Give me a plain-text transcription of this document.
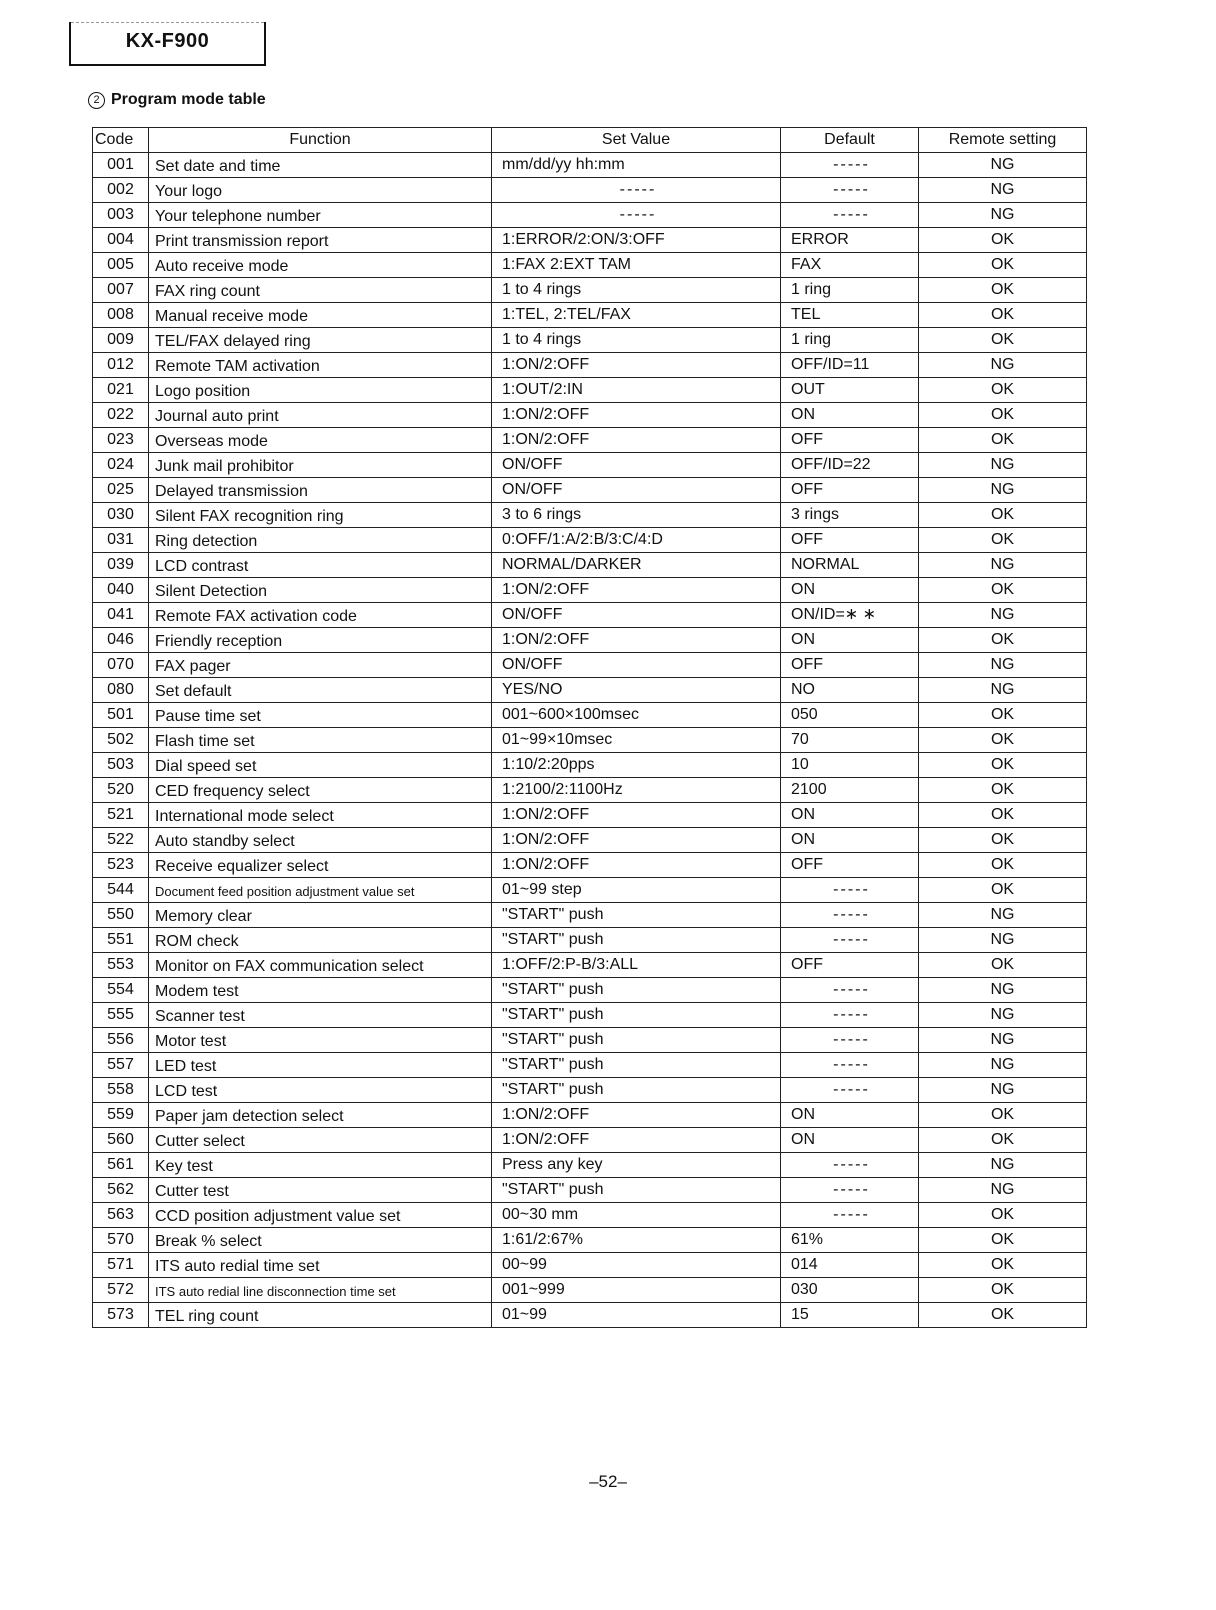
KX-F900
2 Program mode table
Code	Function	Set Value	Default	Remote setting
001	Set date and time	mm/dd/yy hh:mm	-----	NG
002	Your logo	-----	-----	NG
003	Your telephone number	-----	-----	NG
004	Print transmission report	1:ERROR/2:ON/3:OFF	ERROR	OK
005	Auto receive mode	1:FAX 2:EXT TAM	FAX	OK
007	FAX ring count	1 to 4 rings	1 ring	OK
008	Manual receive mode	1:TEL, 2:TEL/FAX	TEL	OK
009	TEL/FAX delayed ring	1 to 4 rings	1 ring	OK
012	Remote TAM activation	1:ON/2:OFF	OFF/ID=11	NG
021	Logo position	1:OUT/2:IN	OUT	OK
022	Journal auto print	1:ON/2:OFF	ON	OK
023	Overseas mode	1:ON/2:OFF	OFF	OK
024	Junk mail prohibitor	ON/OFF	OFF/ID=22	NG
025	Delayed transmission	ON/OFF	OFF	NG
030	Silent FAX recognition ring	3 to 6 rings	3 rings	OK
031	Ring detection	0:OFF/1:A/2:B/3:C/4:D	OFF	OK
039	LCD contrast	NORMAL/DARKER	NORMAL	NG
040	Silent Detection	1:ON/2:OFF	ON	OK
041	Remote FAX activation code	ON/OFF	ON/ID=∗ ∗	NG
046	Friendly reception	1:ON/2:OFF	ON	OK
070	FAX pager	ON/OFF	OFF	NG
080	Set default	YES/NO	NO	NG
501	Pause time set	001~600×100msec	050	OK
502	Flash time set	01~99×10msec	70	OK
503	Dial speed set	1:10/2:20pps	10	OK
520	CED frequency select	1:2100/2:1100Hz	2100	OK
521	International mode select	1:ON/2:OFF	ON	OK
522	Auto standby select	1:ON/2:OFF	ON	OK
523	Receive equalizer select	1:ON/2:OFF	OFF	OK
544	Document feed position adjustment value set	01~99 step	-----	OK
550	Memory clear	"START" push	-----	NG
551	ROM check	"START" push	-----	NG
553	Monitor on FAX communication select	1:OFF/2:P-B/3:ALL	OFF	OK
554	Modem test	"START" push	-----	NG
555	Scanner test	"START" push	-----	NG
556	Motor test	"START" push	-----	NG
557	LED test	"START" push	-----	NG
558	LCD test	"START" push	-----	NG
559	Paper jam detection select	1:ON/2:OFF	ON	OK
560	Cutter select	1:ON/2:OFF	ON	OK
561	Key test	Press any key	-----	NG
562	Cutter test	"START" push	-----	NG
563	CCD position adjustment value set	00~30 mm	-----	OK
570	Break % select	1:61/2:67%	61%	OK
571	ITS auto redial time set	00~99	014	OK
572	ITS auto redial line disconnection time set	001~999	030	OK
573	TEL ring count	01~99	15	OK
–52–
